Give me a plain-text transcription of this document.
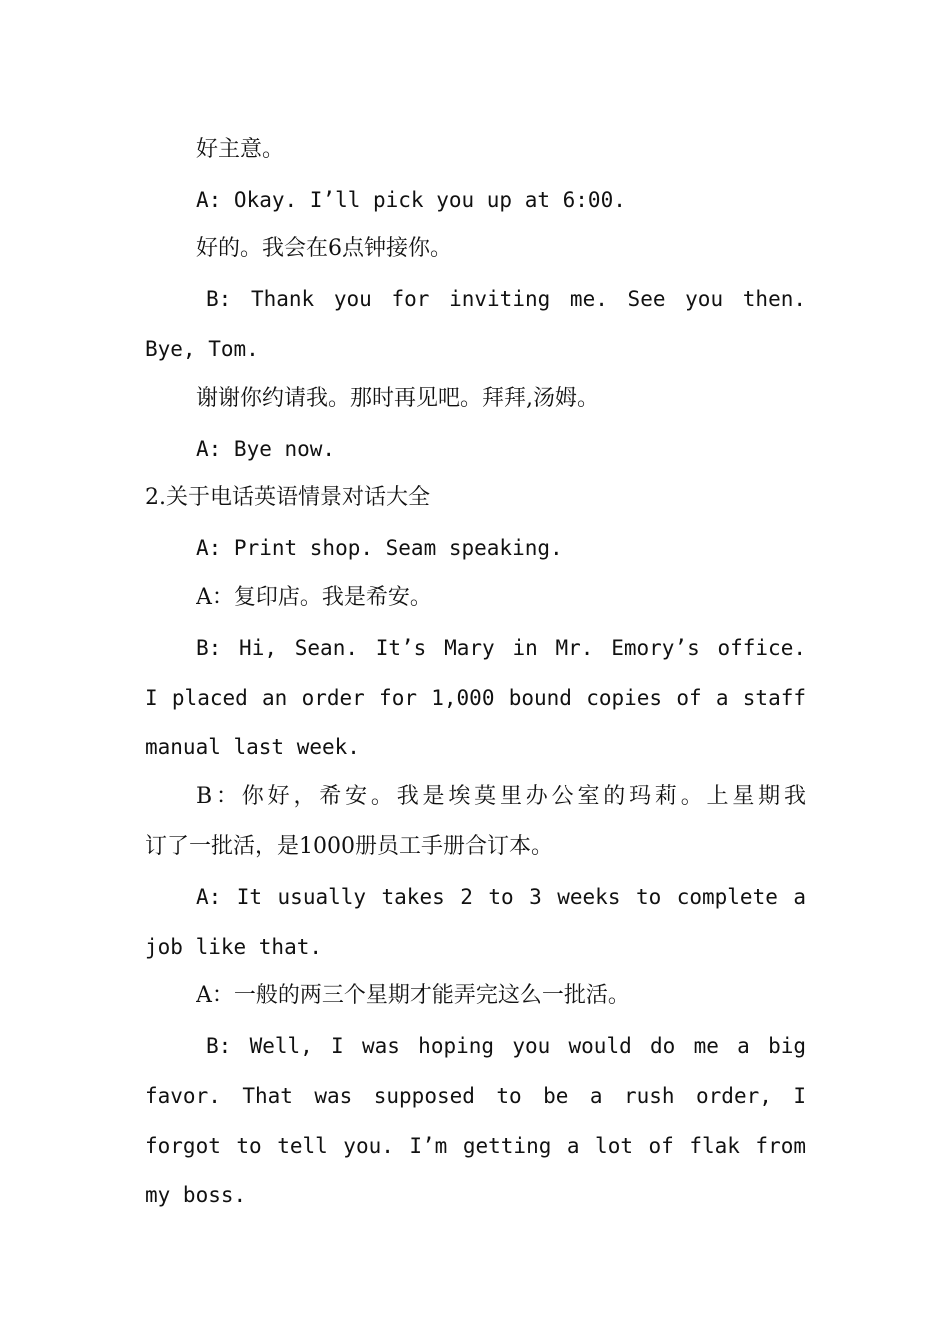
好主意。
A: Okay. I’ll pick you up at 6:00.
好的。我会在6点钟接你。
B: Thank you for inviting me. See you then.
Bye, Tom.
谢谢你约请我。那时再见吧。拜拜,汤姆。
A: Bye now.
2.关于电话英语情景对话大全
A: Print shop. Seam speaking.
A：复印店。我是希安。
B: Hi, Sean. It’s Mary in Mr. Emory’s office.
I placed an order for 1,000 bound copies of a staff
manual last week.
B：你好，希安。我是埃莫里办公室的玛莉。上星期我
订了一批活，是1000册员工手册合订本。
A: It usually takes 2 to 3 weeks to complete a
job like that.
A：一般的两三个星期才能弄完这么一批活。
B: Well, I was hoping you would do me a big
favor. That was supposed to be a rush order, I
forgot to tell you. I’m getting a lot of flak from
my boss.
